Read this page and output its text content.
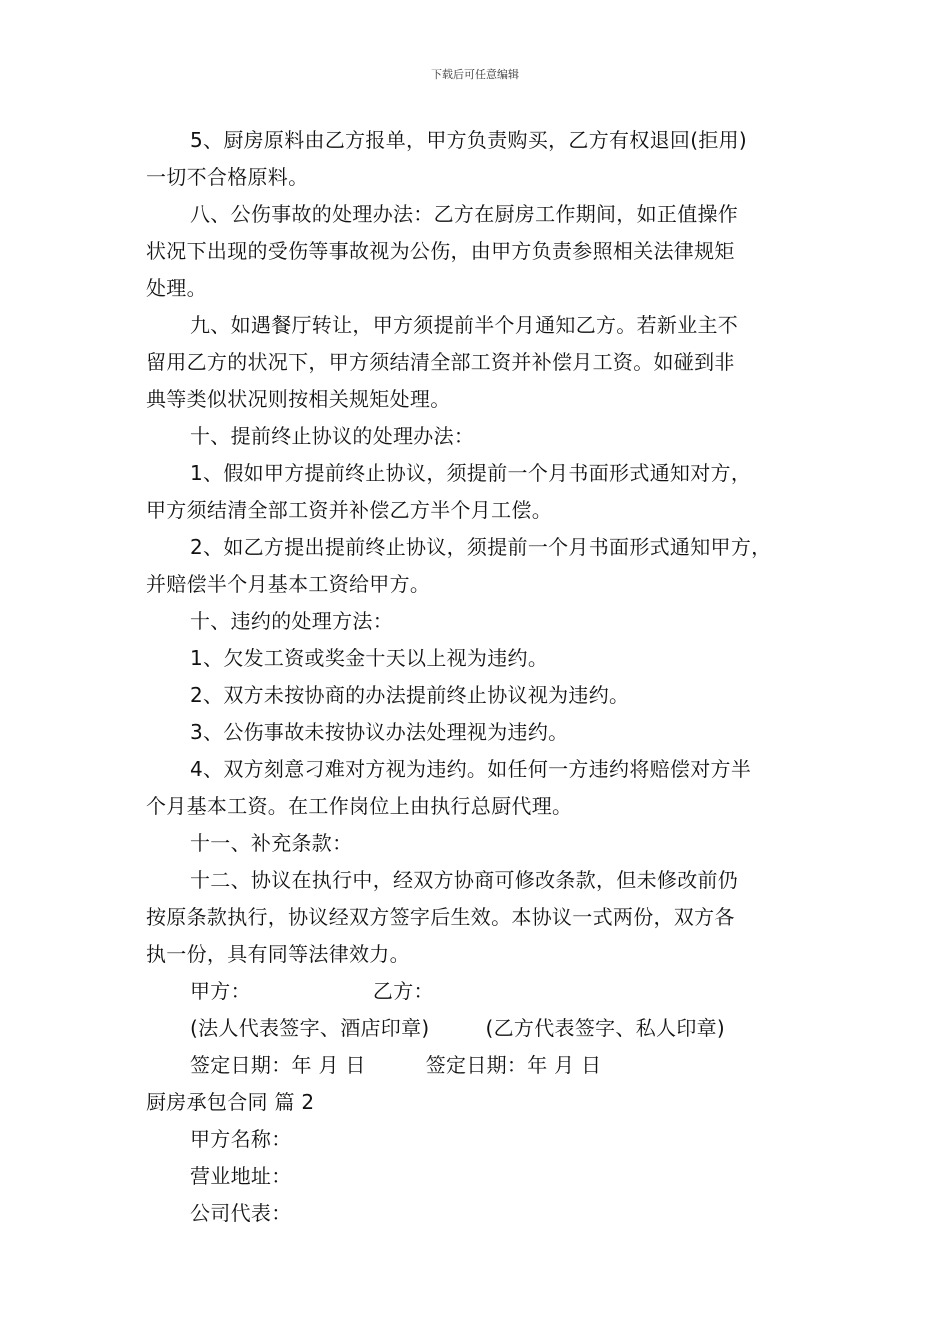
下载后可任意编辑
5、厨房原料由乙方报单，甲方负责购买，乙方有权退回(拒用)
一切不合格原料。
八、公伤事故的处理办法：乙方在厨房工作期间，如正值操作
状况下出现的受伤等事故视为公伤，由甲方负责参照相关法律规矩
处理。
九、如遇餐厅转让，甲方须提前半个月通知乙方。若新业主不
留用乙方的状况下，甲方须结清全部工资并补偿月工资。如碰到非
典等类似状况则按相关规矩处理。
十、提前终止协议的处理办法：
1、假如甲方提前终止协议，须提前一个月书面形式通知对方，
甲方须结清全部工资并补偿乙方半个月工偿。
2、如乙方提出提前终止协议，须提前一个月书面形式通知甲方，
并赔偿半个月基本工资给甲方。
十、违约的处理方法：
1、欠发工资或奖金十天以上视为违约。
2、双方未按协商的办法提前终止协议视为违约。
3、公伤事故未按协议办法处理视为违约。
4、双方刻意刁难对方视为违约。如任何一方违约将赔偿对方半
个月基本工资。在工作岗位上由执行总厨代理。
十一、补充条款：
十二、协议在执行中，经双方协商可修改条款，但未修改前仍
按原条款执行，协议经双方签字后生效。本协议一式两份，双方各
执一份，具有同等法律效力。
甲方：	乙方：
(法人代表签字、酒店印章)	(乙方代表签字、私人印章)
签定日期：年 月 日	签定日期：年 月 日
厨房承包合同 篇 2
甲方名称：
营业地址：
公司代表：
